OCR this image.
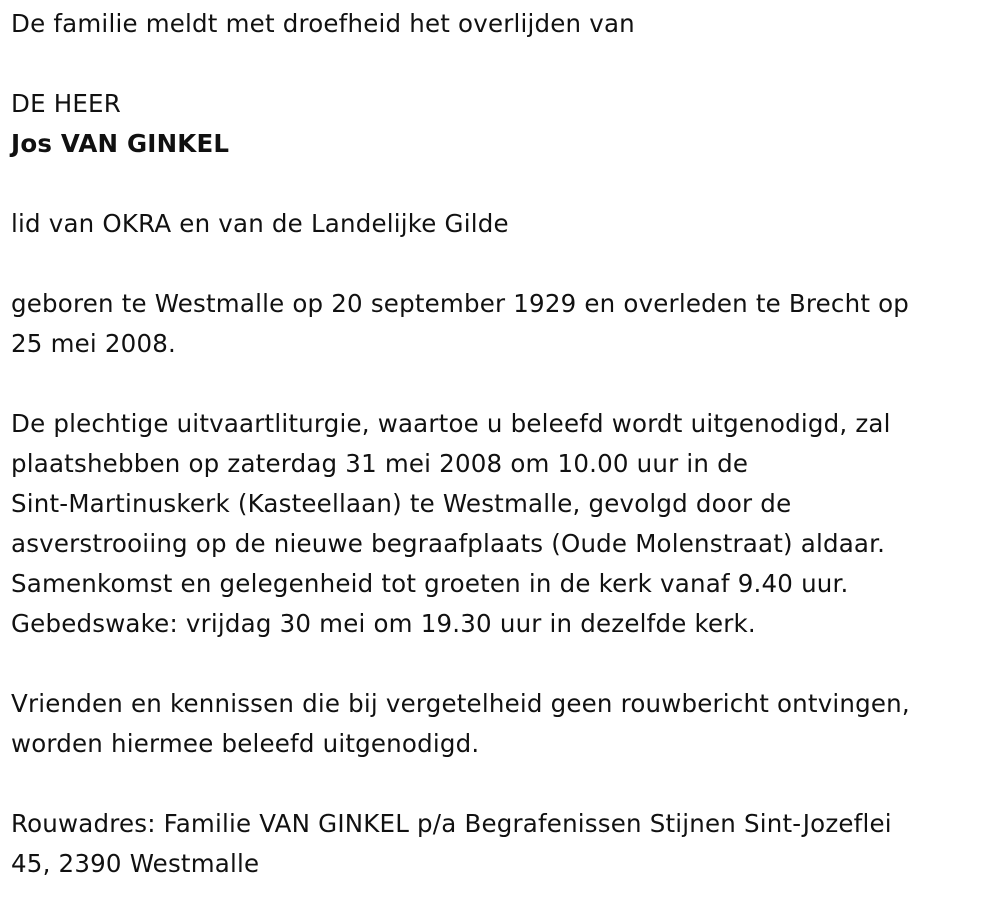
De familie meldt met droefheid het overlijden van

DE HEER

Jos VAN GINKEL

lid van OKRA en van de Landelijke Gilde

geboren te Westmalle op 20 september 1929 en overleden te Brecht op
25 mei 2008.

De plechtige uitvaartliturgie, waartoe u beleefd wordt uitgenodigd, zal
plaatshebben op zaterdag 31 mei 2008 om 10.00 uur in de
Sint-Martinuskerk (Kasteellaan) te Westmalle, gevolgd door de
asverstrooiing op de nieuwe begraafplaats (Oude Molenstraat) aldaar.
Samenkomst en gelegenheid tot groeten in de kerk vanaf 9.40 uur.
Gebedswake: vrijdag 30 mei om 19.30 uur in dezelfde kerk.

Vrienden en kennissen die bij vergetelheid geen rouwbericht ontvingen,
worden hiermee beleefd uitgenodigd.

Rouwadres: Familie VAN GINKEL p/a Begrafenissen Stijnen Sint-Jozeflei
45, 2390 Westmalle
